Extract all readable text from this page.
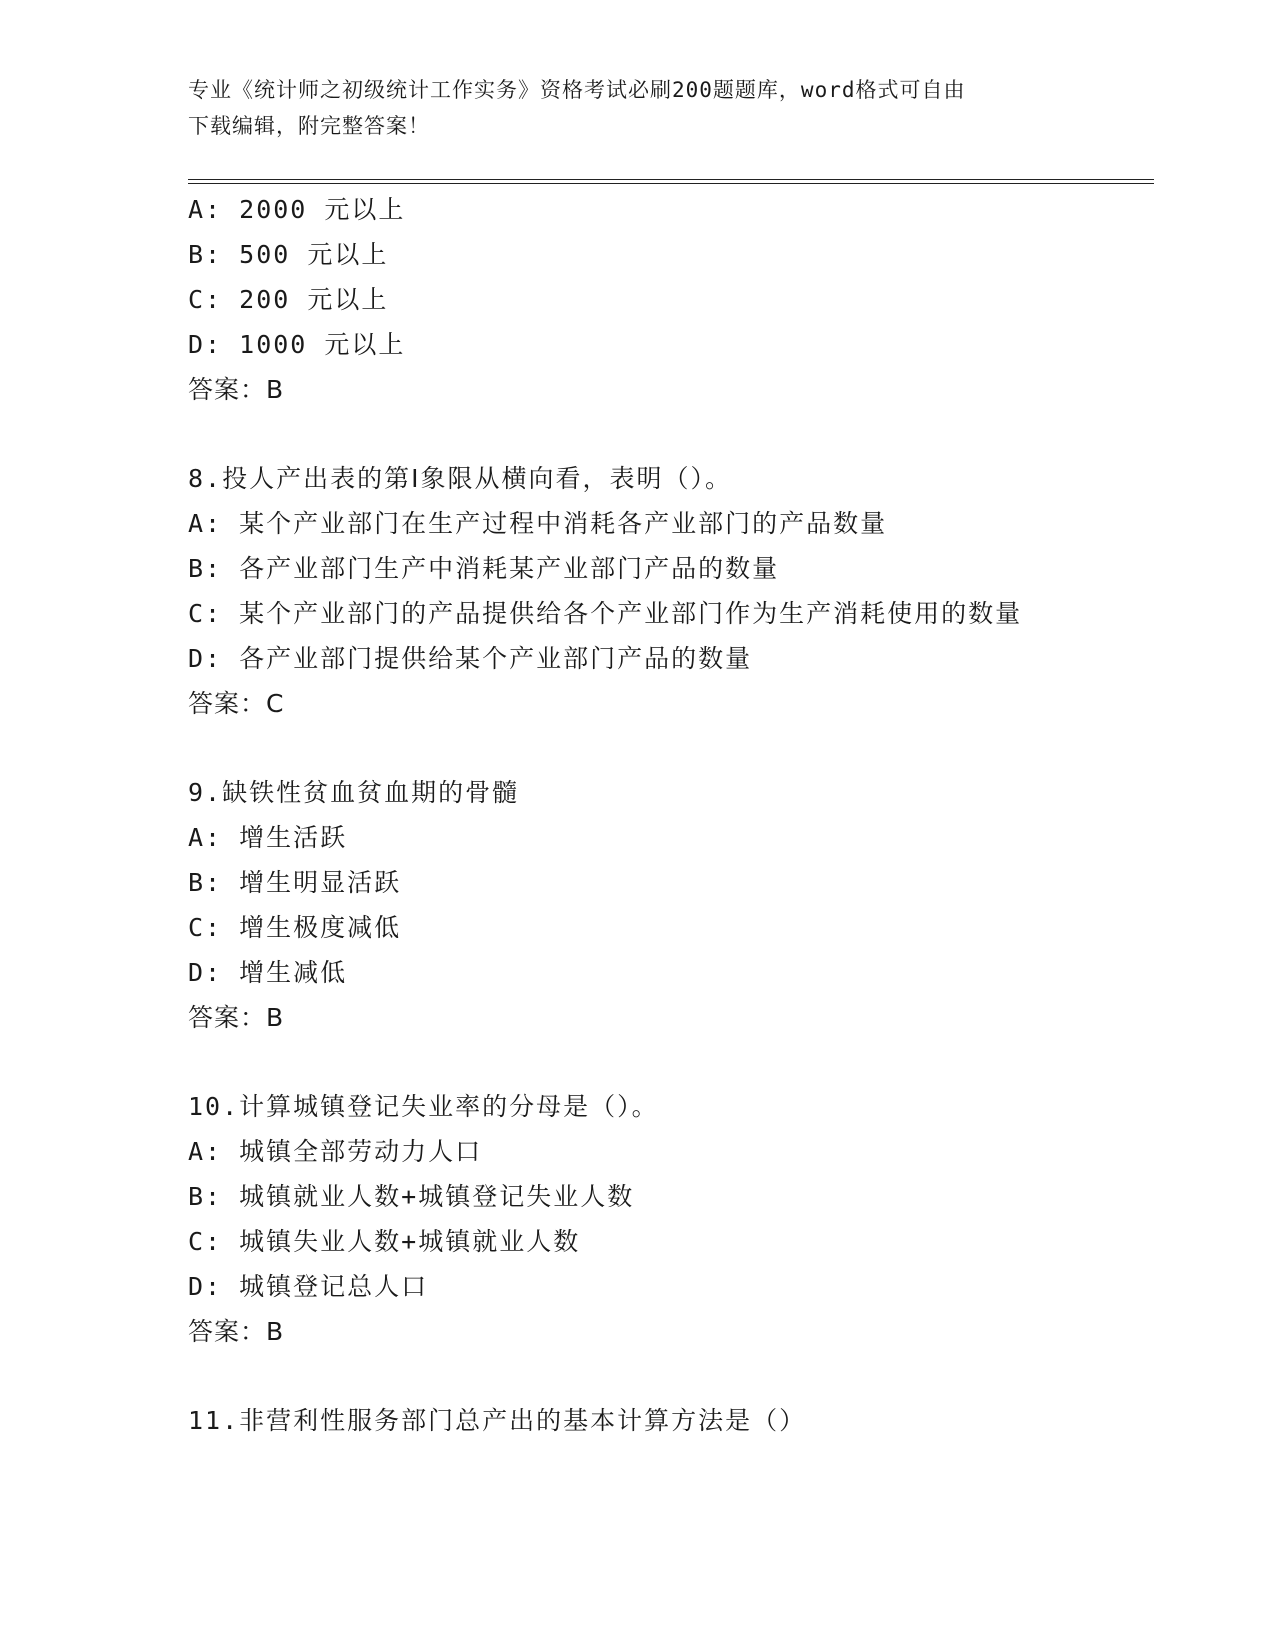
专业《统计师之初级统计工作实务》资格考试必刷200题题库，word格式可自由
下载编辑，附完整答案！
A: 2000 元以上
B: 500 元以上
C: 200 元以上
D: 1000 元以上
答案：B
8.投人产出表的第Ⅰ象限从横向看，表明（）。
A: 某个产业部门在生产过程中消耗各产业部门的产品数量
B: 各产业部门生产中消耗某产业部门产品的数量
C: 某个产业部门的产品提供给各个产业部门作为生产消耗使用的数量
D: 各产业部门提供给某个产业部门产品的数量
答案：C
9.缺铁性贫血贫血期的骨髓
A: 增生活跃
B: 增生明显活跃
C: 增生极度减低
D: 增生减低
答案：B
10.计算城镇登记失业率的分母是（）。
A: 城镇全部劳动力人口
B: 城镇就业人数+城镇登记失业人数
C: 城镇失业人数+城镇就业人数
D: 城镇登记总人口
答案：B
11.非营利性服务部门总产出的基本计算方法是（）
